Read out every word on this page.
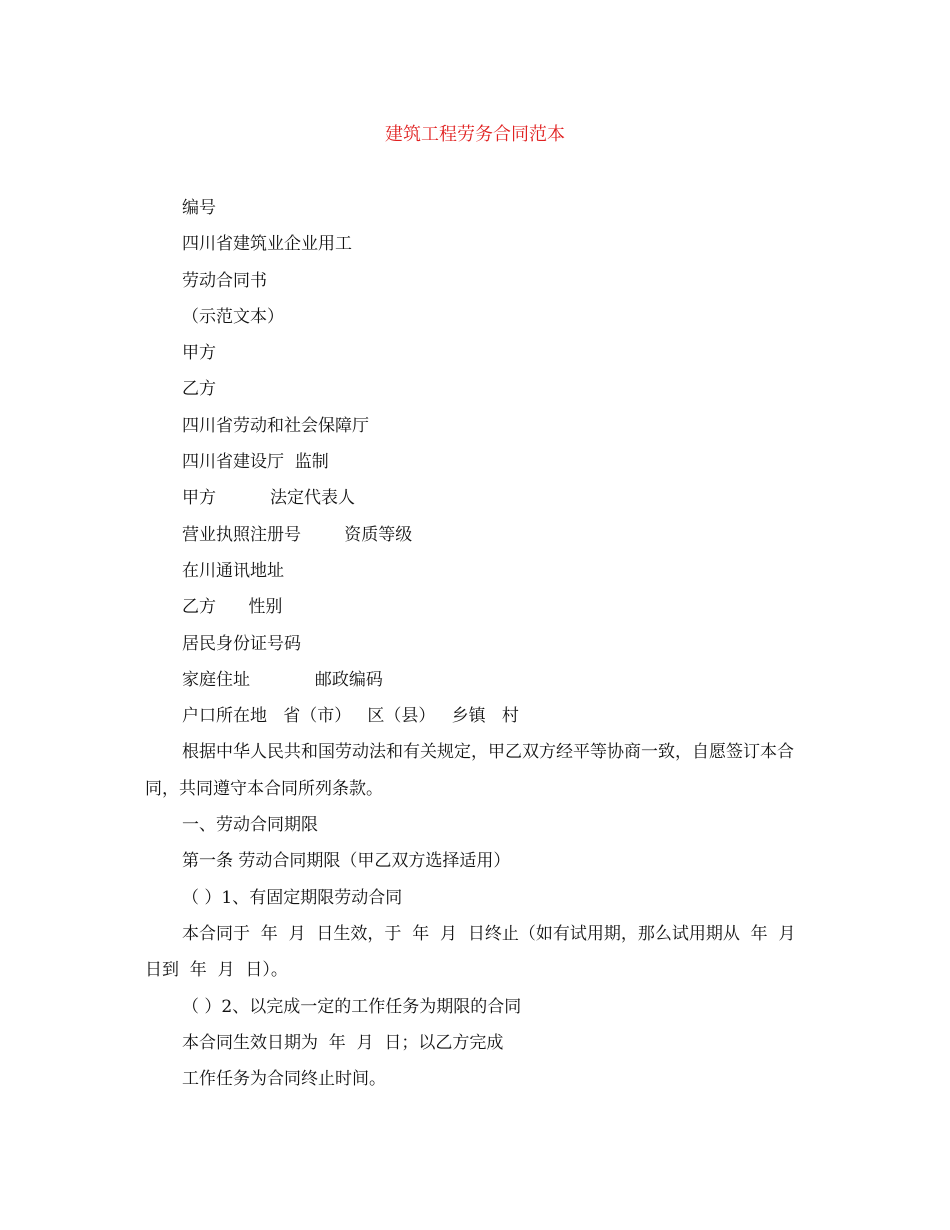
建筑工程劳务合同范本

编号

四川省建筑业企业用工

劳动合同书

（示范文本）

甲方

乙方

四川省劳动和社会保障厅

四川省建设厅  监制

甲方          法定代表人

营业执照注册号        资质等级

在川通讯地址

乙方      性别

居民身份证号码

家庭住址            邮政编码

户口所在地   省（市）   区（县）   乡镇   村

根据中华人民共和国劳动法和有关规定，甲乙双方经平等协商一致，自愿签订本合同，共同遵守本合同所列条款。

一、劳动合同期限

第一条 劳动合同期限（甲乙双方选择适用）

（ ）1、有固定期限劳动合同

本合同于  年  月  日生效，于  年  月  日终止（如有试用期，那么试用期从  年  月  日到  年  月  日）。

（ ）2、以完成一定的工作任务为期限的合同

本合同生效日期为  年  月  日；以乙方完成

工作任务为合同终止时间。
